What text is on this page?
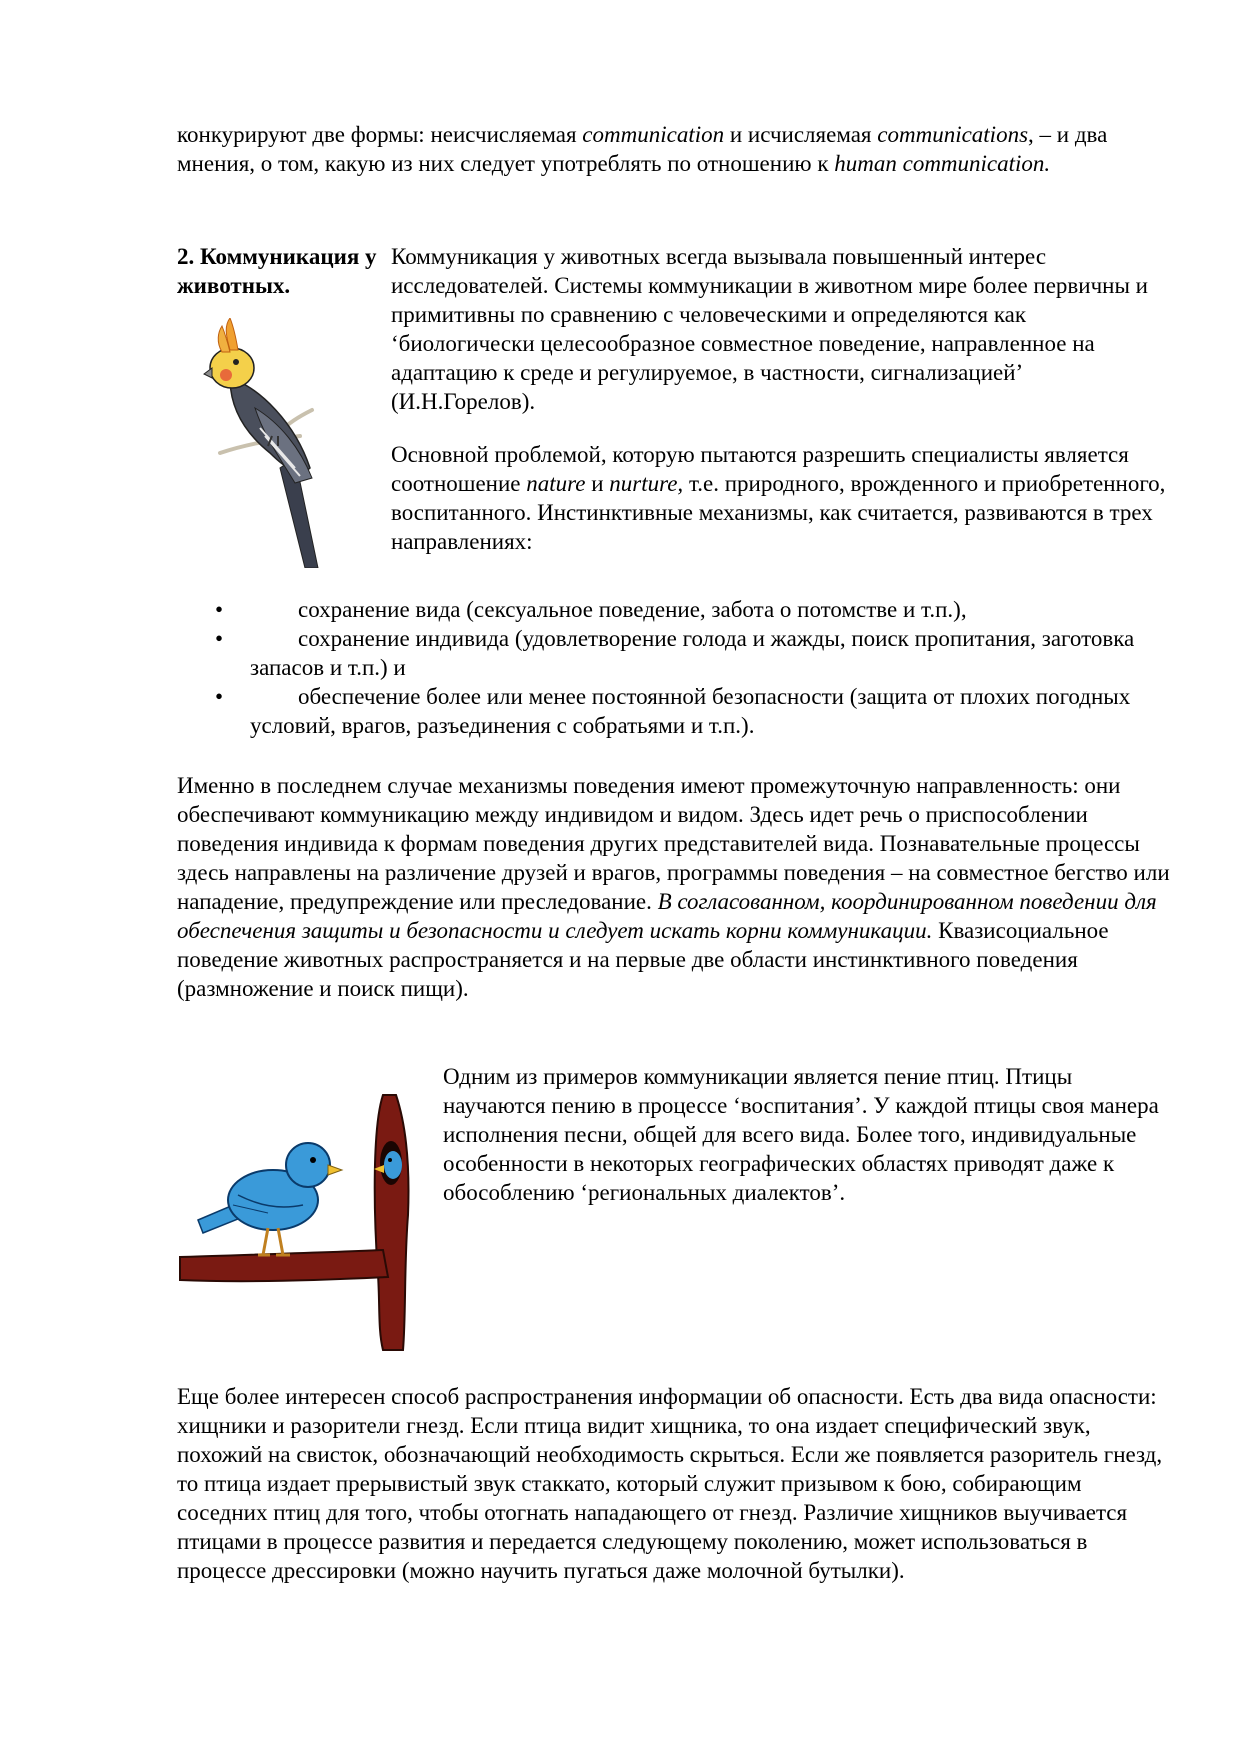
конкурируют две формы: неисчисляемая communication и исчисляемая communications, – и два мнения, о том, какую из них следует употреблять по отношению к human communication.

2. Коммуникация у животных.

Коммуникация у животных всегда вызывала повышенный интерес исследователей. Системы коммуникации в животном мире более первичны и примитивны по сравнению с человеческими и определяются как ‘биологически целесообразное совместное поведение, направленное на адаптацию к среде и регулируемое, в частности, сигнализацией’ (И.Н.Горелов).

Основной проблемой, которую пытаются разрешить специалисты является соотношение nature и nurture, т.е. природного, врожденного и приобретенного, воспитанного. Инстинктивные механизмы, как считается, развиваются в трех направлениях:

•	сохранение вида (сексуальное поведение, забота о потомстве и т.п.),
•	сохранение индивида (удовлетворение голода и жажды, поиск пропитания, заготовка запасов и т.п.) и
•	обеспечение более или менее постоянной безопасности (защита от плохих погодных условий, врагов, разъединения с собратьями и т.п.).

Именно в последнем случае механизмы поведения имеют промежуточную направленность: они обеспечивают коммуникацию между индивидом и видом. Здесь идет речь о приспособлении поведения индивида к формам поведения других представителей вида. Познавательные процессы здесь направлены на различение друзей и врагов, программы поведения – на совместное бегство или нападение, предупреждение или преследование. В согласованном, координированном поведении для обеспечения защиты и безопасности и следует искать корни коммуникации. Квазисоциальное поведение животных распространяется и на первые две области инстинктивного поведения (размножение и поиск пищи).

Одним из примеров коммуникации является пение птиц. Птицы научаются пению в процессе ‘воспитания’. У каждой птицы своя манера исполнения песни, общей для всего вида. Более того, индивидуальные особенности в некоторых географических областях приводят даже к обособлению ‘региональных диалектов’.

Еще более интересен способ распространения информации об опасности. Есть два вида опасности: хищники и разорители гнезд. Если птица видит хищника, то она издает специфический звук, похожий на свисток, обозначающий необходимость скрыться. Если же появляется разоритель гнезд, то птица издает прерывистый звук стаккато, который служит призывом к бою, собирающим соседних птиц для того, чтобы отогнать нападающего от гнезд. Различие хищников выучивается птицами в процессе развития и передается следующему поколению, может использоваться в процессе дрессировки (можно научить пугаться даже молочной бутылки).
